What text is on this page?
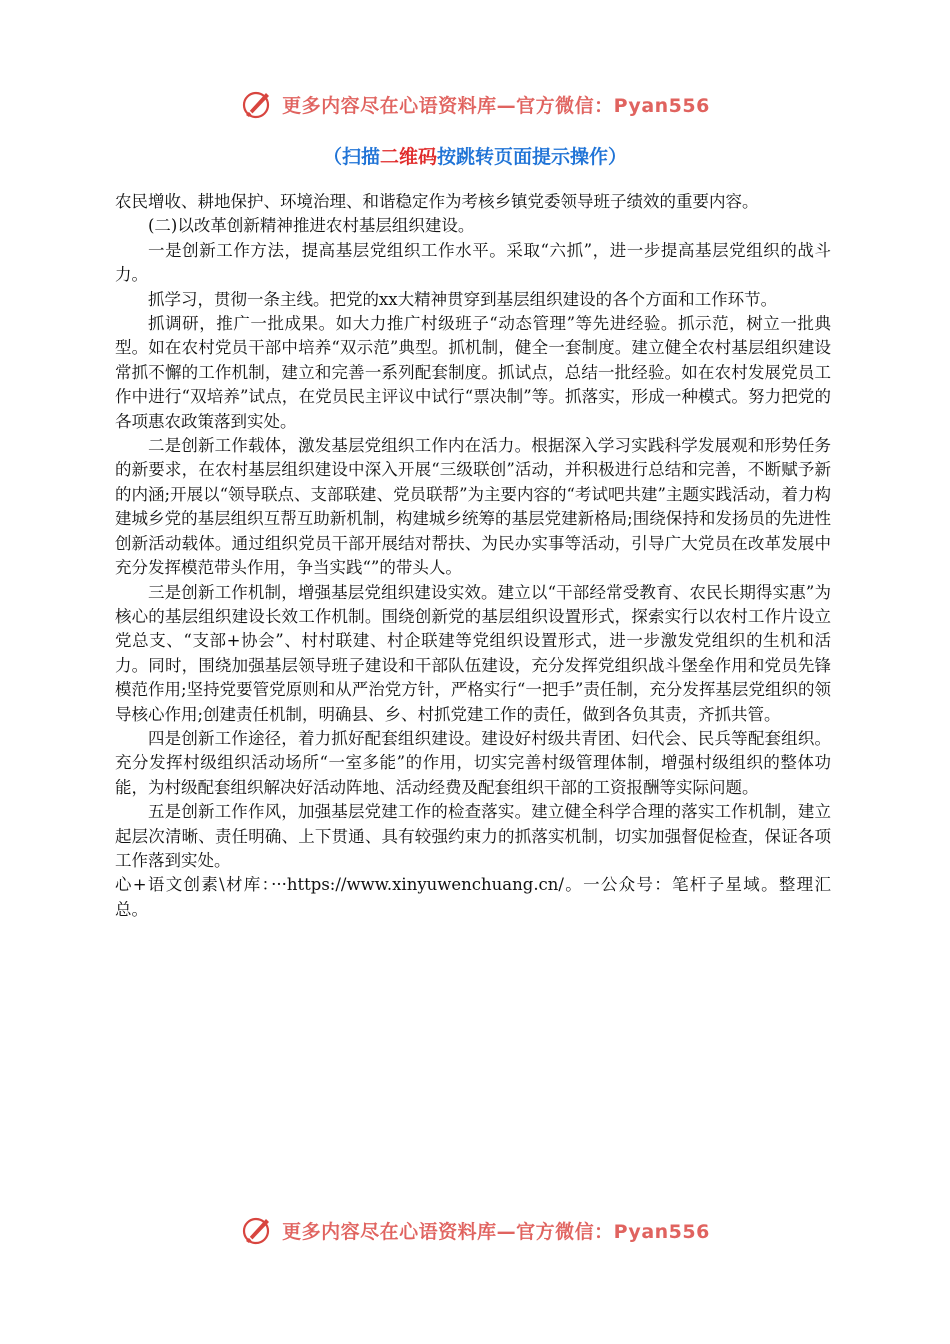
更多内容尽在心语资料库—官方微信：Pyan556
（扫描二维码按跳转页面提示操作）

农民增收、耕地保护、环境治理、和谐稳定作为考核乡镇党委领导班子绩效的重要内容。

(二)以改革创新精神推进农村基层组织建设。

一是创新工作方法，提高基层党组织工作水平。采取“六抓”，进一步提高基层党组织的战斗力。

抓学习，贯彻一条主线。把党的xx大精神贯穿到基层组织建设的各个方面和工作环节。

抓调研，推广一批成果。如大力推广村级班子“动态管理”等先进经验。抓示范，树立一批典型。如在农村党员干部中培养“双示范”典型。抓机制，健全一套制度。建立健全农村基层组织建设常抓不懈的工作机制，建立和完善一系列配套制度。抓试点，总结一批经验。如在农村发展党员工作中进行“双培养”试点，在党员民主评议中试行“票决制”等。抓落实，形成一种模式。努力把党的各项惠农政策落到实处。

二是创新工作载体，激发基层党组织工作内在活力。根据深入学习实践科学发展观和形势任务的新要求，在农村基层组织建设中深入开展“三级联创”活动，并积极进行总结和完善，不断赋予新的内涵;开展以“领导联点、支部联建、党员联帮”为主要内容的“考试吧共建”主题实践活动，着力构建城乡党的基层组织互帮互助新机制，构建城乡统筹的基层党建新格局;围绕保持和发扬员的先进性创新活动载体。通过组织党员干部开展结对帮扶、为民办实事等活动，引导广大党员在改革发展中充分发挥模范带头作用，争当实践“”的带头人。

三是创新工作机制，增强基层党组织建设实效。建立以“干部经常受教育、农民长期得实惠”为核心的基层组织建设长效工作机制。围绕创新党的基层组织设置形式，探索实行以农村工作片设立党总支、“支部+协会”、村村联建、村企联建等党组织设置形式，进一步激发党组织的生机和活力。同时，围绕加强基层领导班子建设和干部队伍建设，充分发挥党组织战斗堡垒作用和党员先锋模范作用;坚持党要管党原则和从严治党方针，严格实行“一把手”责任制，充分发挥基层党组织的领导核心作用;创建责任机制，明确县、乡、村抓党建工作的责任，做到各负其责，齐抓共管。

四是创新工作途径，着力抓好配套组织建设。建设好村级共青团、妇代会、民兵等配套组织。充分发挥村级组织活动场所“一室多能”的作用，切实完善村级管理体制，增强村级组织的整体功能，为村级配套组织解决好活动阵地、活动经费及配套组织干部的工资报酬等实际问题。

五是创新工作作风，加强基层党建工作的检查落实。建立健全科学合理的落实工作机制，建立起层次清晰、责任明确、上下贯通、具有较强约束力的抓落实机制，切实加强督促检查，保证各项工作落到实处。

心+语文创素\材库：···https://www.xinyuwenchuang.cn/。一公众号：笔杆子星域。整理汇总。

更多内容尽在心语资料库—官方微信：Pyan556
